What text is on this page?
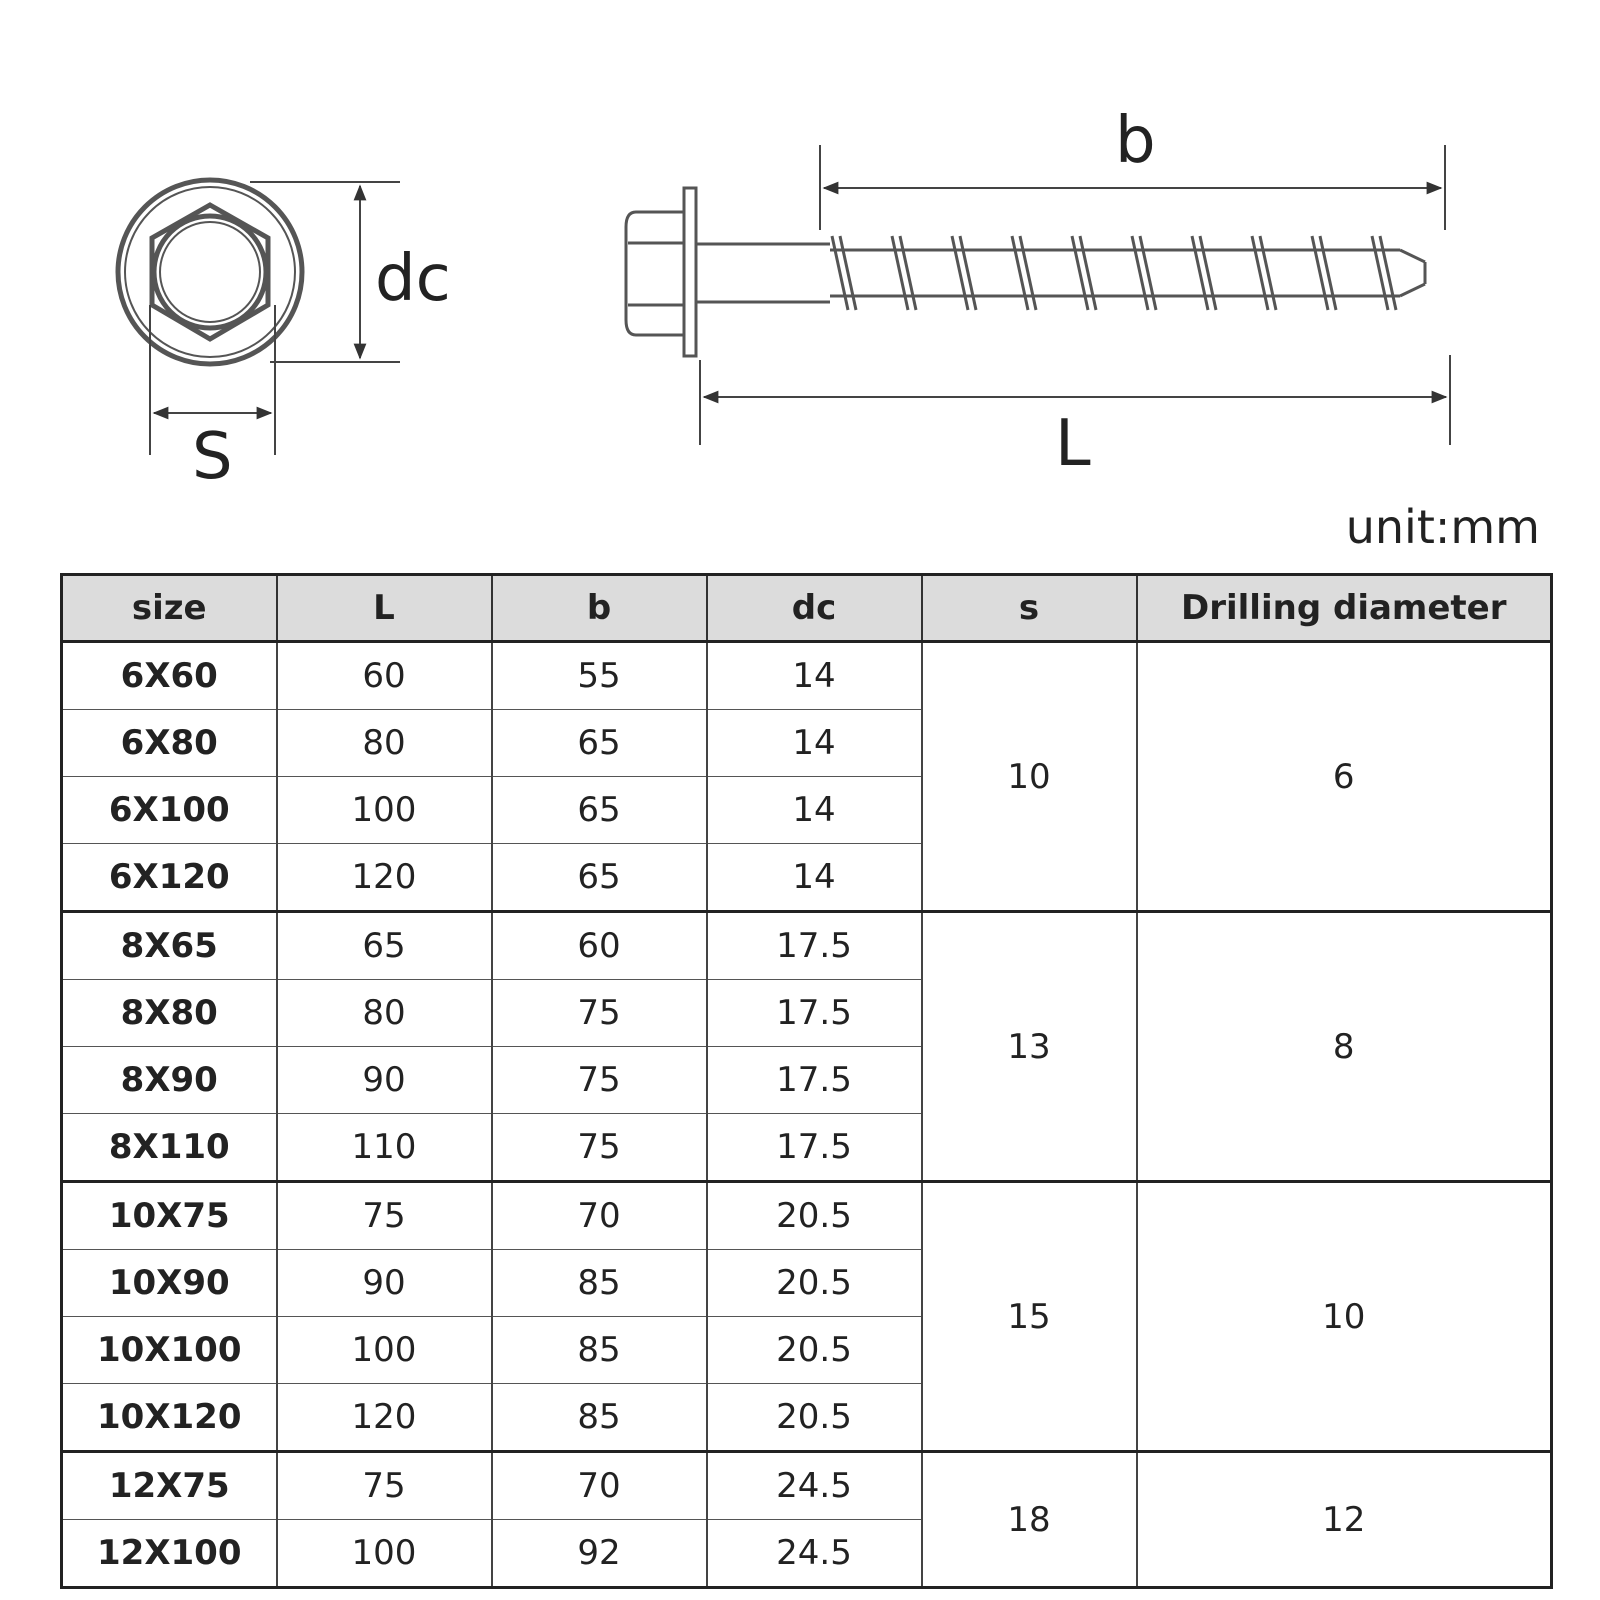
dc
S
b
L
unit:mm
size	L	b	dc	s	Drilling diameter
6X60	60	55	14	10	6
6X80	80	65	14		
6X100	100	65	14		
6X120	120	65	14		
8X65	65	60	17.5	13	8
8X80	80	75	17.5		
8X90	90	75	17.5		
8X110	110	75	17.5		
10X75	75	70	20.5	15	10
10X90	90	85	20.5		
10X100	100	85	20.5		
10X120	120	85	20.5		
12X75	75	70	24.5	18	12
12X100	100	92	24.5		
